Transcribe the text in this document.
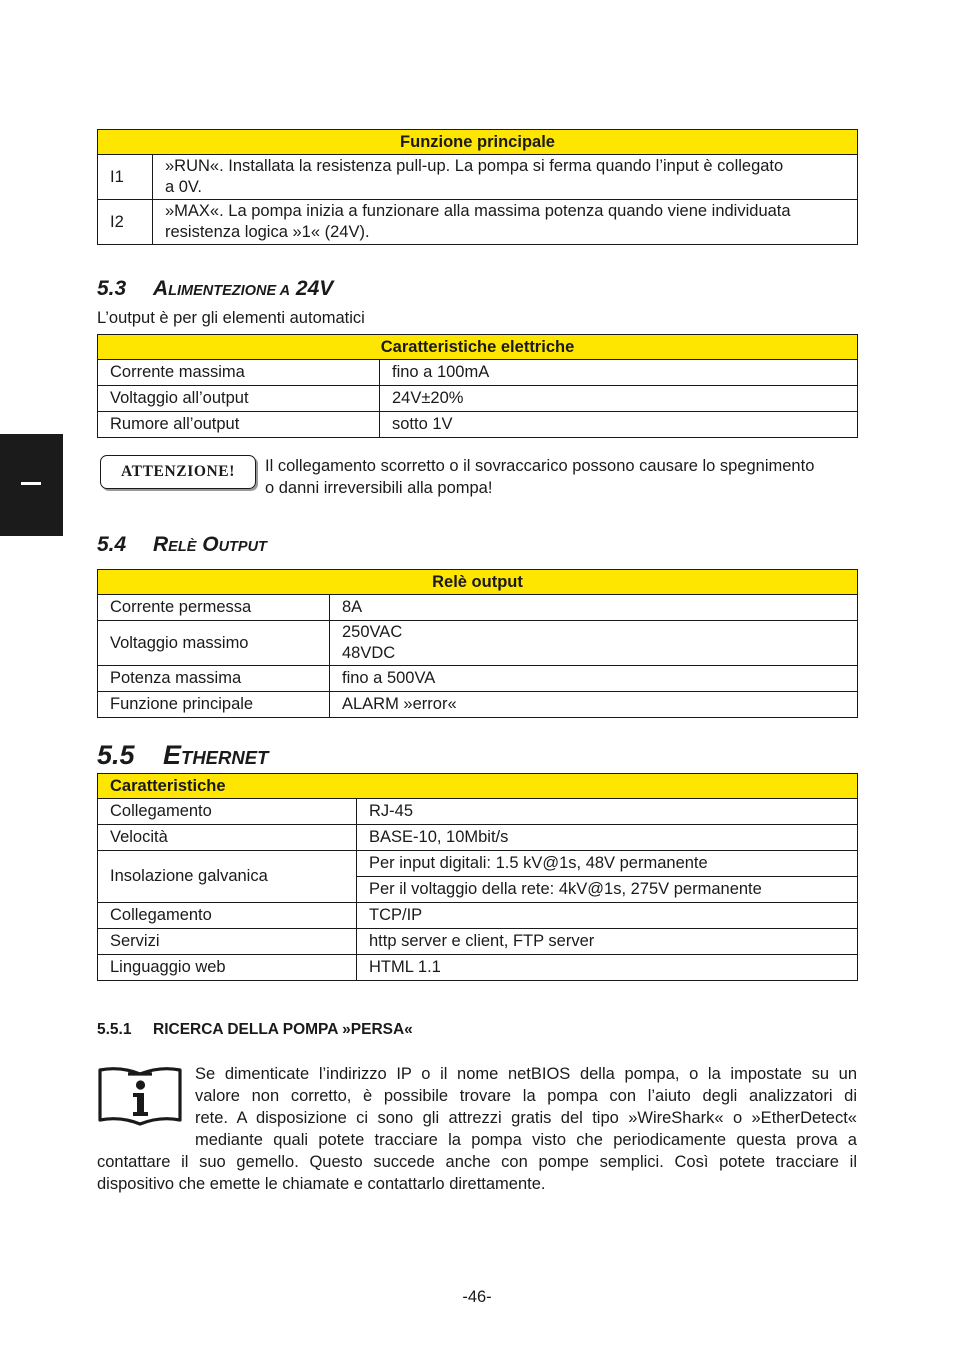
Funzione principale	
I1	»RUN«. Installata la resistenza pull-up. La pompa si ferma quando l’input è collegato
a 0V.

I2	»MAX«. La pompa inizia a funzionare alla massima potenza quando viene individuata
resistenza logica »1« (24V).
5.3 ALIMENTEZIONE A 24V
L’output è per gli elementi automatici
Caratteristiche elettriche	
Corrente massima	fino a 100mA
Voltaggio all’output	24V±20%
Rumore all’output	sotto 1V
ATTENZIONE!	Il collegamento scorretto o il sovraccarico possono causare lo spegnimento
o danni irreversibili alla pompa!
5.4 RELÈ OUTPUT
Relè output	
Corrente permessa	8A
Voltaggio massimo	250VAC
48VDC

Potenza massima	fino a 500VA
Funzione principale	ALARM »error«
5.5 ETHERNET
Caratteristiche	
Collegamento	RJ-45
Velocità	BASE-10, 10Mbit/s
Insolazione galvanica	Per input digitali: 1.5 kV@1s, 48V permanente
	Per il voltaggio della rete: 4kV@1s, 275V permanente
Collegamento	TCP/IP
Servizi	http server e client, FTP server
Linguaggio web	HTML 1.1
5.5.1 RICERCA DELLA POMPA »PERSA«
Se dimenticate l’indirizzo IP o il nome netBIOS della pompa, o la impostate su un
valore non corretto, è possibile trovare la pompa con l’aiuto degli analizzatori di
rete. A disposizione ci sono gli attrezzi gratis del tipo »WireShark« o »EtherDetect«
mediante quali potete tracciare la pompa visto che periodicamente questa prova a
contattare il suo gemello. Questo succede anche con pompe semplici. Così potete tracciare il
dispositivo che emette le chiamate e contattarlo direttamente.
-46-
